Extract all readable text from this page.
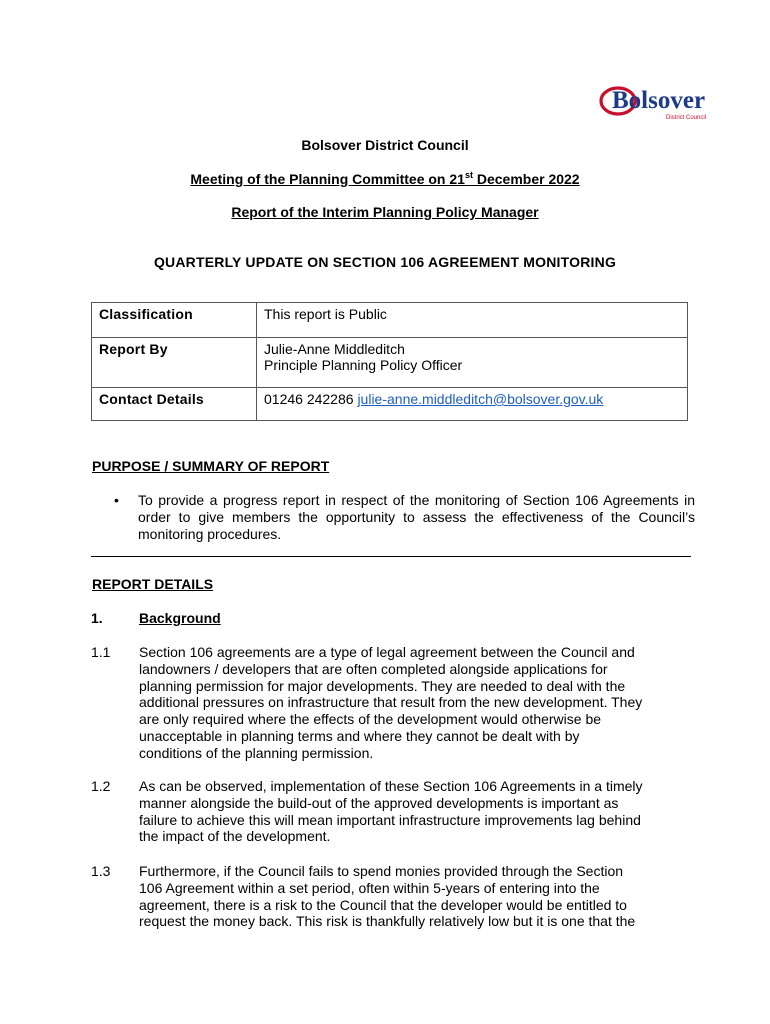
Bolsover
District Council
Bolsover District Council
Meeting of the Planning Committee on 21st December 2022
Report of the Interim Planning Policy Manager
QUARTERLY UPDATE ON SECTION 106 AGREEMENT MONITORING
Classification	This report is Public
Report By	Julie-Anne Middleditch
Principle Planning Policy Officer

Contact Details	01246 242286 julie-anne.middleditch@bolsover.gov.uk
PURPOSE / SUMMARY OF REPORT
• To provide a progress report in respect of the monitoring of Section 106 Agreements in order to give members the opportunity to assess the effectiveness of the Council’s monitoring procedures.
REPORT DETAILS
1.	Background
1.1 Section 106 agreements are a type of legal agreement between the Council and
landowners / developers that are often completed alongside applications for
planning permission for major developments. They are needed to deal with the
additional pressures on infrastructure that result from the new development. They
are only required where the effects of the development would otherwise be
unacceptable in planning terms and where they cannot be dealt with by
conditions of the planning permission.
1.2 As can be observed, implementation of these Section 106 Agreements in a timely
manner alongside the build-out of the approved developments is important as
failure to achieve this will mean important infrastructure improvements lag behind
the impact of the development.
1.3 Furthermore, if the Council fails to spend monies provided through the Section
106 Agreement within a set period, often within 5-years of entering into the
agreement, there is a risk to the Council that the developer would be entitled to
request the money back. This risk is thankfully relatively low but it is one that the
